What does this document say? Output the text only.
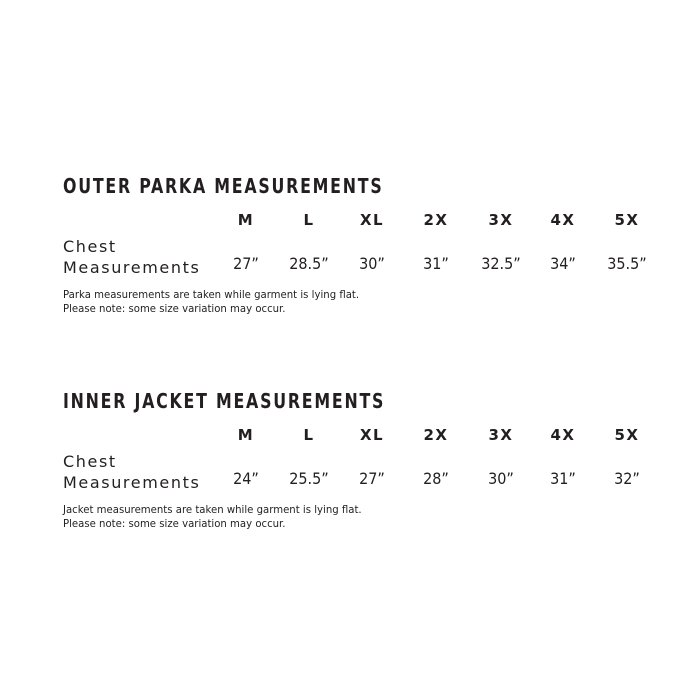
OUTER PARKA MEASUREMENTS
M
27”
L
28.5”
XL
30”
2X
31”
3X
32.5”
4X
34”
5X
35.5”
Chest
Measurements
Parka measurements are taken while garment is lying flat.
Please note: some size variation may occur.
INNER JACKET MEASUREMENTS
M
24”
L
25.5”
XL
27”
2X
28”
3X
30”
4X
31”
5X
32”
Chest
Measurements
Jacket measurements are taken while garment is lying flat.
Please note: some size variation may occur.
